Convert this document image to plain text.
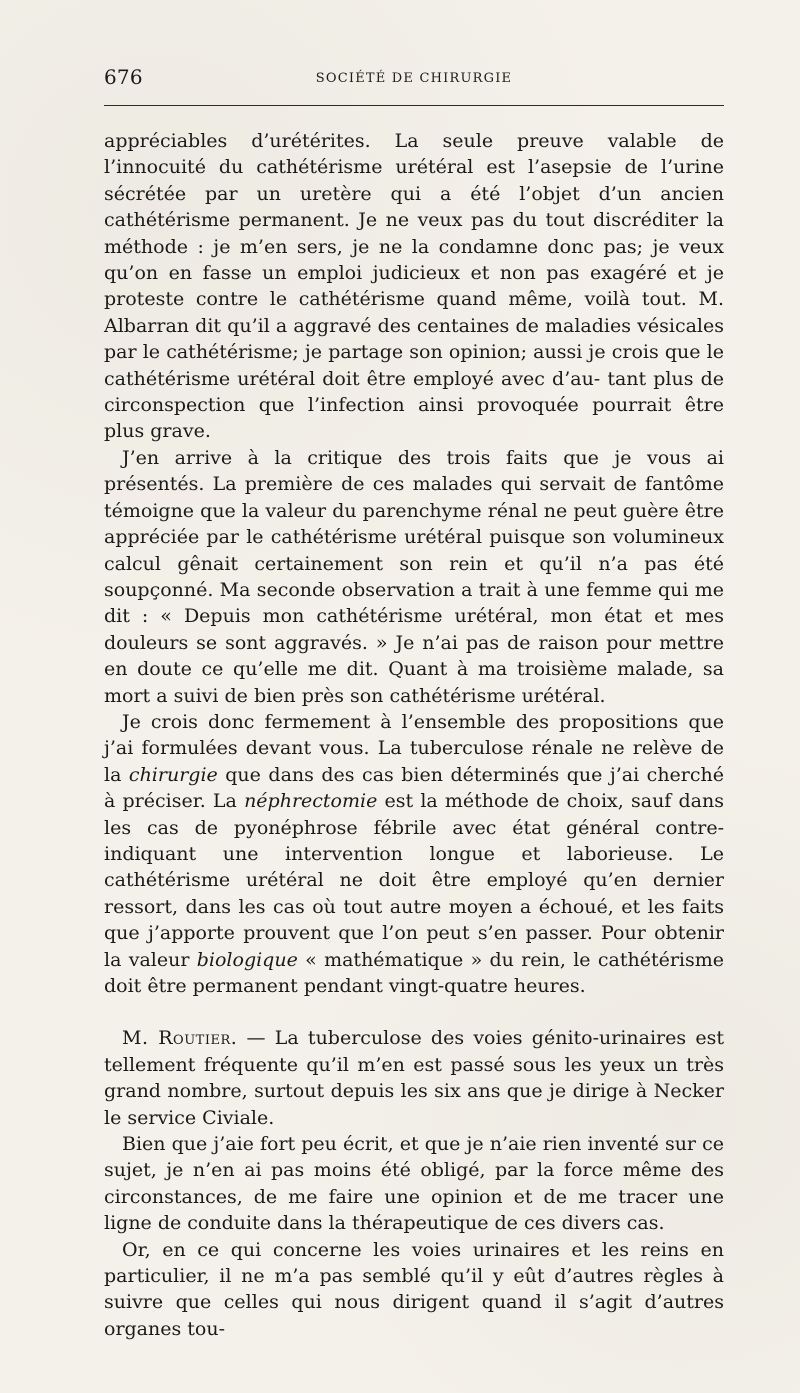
676	SOCIÉTÉ DE CHIRURGIE

appréciables d’urétérites. La seule preuve valable de l’innocuité du cathétérisme urétéral est l’asepsie de l’urine sécrétée par un uretère qui a été l’objet d’un ancien cathétérisme permanent. Je ne veux pas du tout discréditer la méthode : je m’en sers, je ne la condamne donc pas; je veux qu’on en fasse un emploi judicieux et non pas exagéré et je proteste contre le cathétérisme quand même, voilà tout. M. Albarran dit qu’il a aggravé des centaines de maladies vésicales par le cathétérisme; je partage son opinion; aussi je crois que le cathétérisme urétéral doit être employé avec d’au- tant plus de circonspection que l’infection ainsi provoquée pourrait être plus grave.

J’en arrive à la critique des trois faits que je vous ai présentés. La première de ces malades qui servait de fantôme témoigne que la valeur du parenchyme rénal ne peut guère être appréciée par le cathétérisme urétéral puisque son volumineux calcul gênait certainement son rein et qu’il n’a pas été soupçonné. Ma seconde observation a trait à une femme qui me dit : « Depuis mon cathétérisme urétéral, mon état et mes douleurs se sont aggravés. » Je n’ai pas de raison pour mettre en doute ce qu’elle me dit. Quant à ma troisième malade, sa mort a suivi de bien près son cathétérisme urétéral.

Je crois donc fermement à l’ensemble des propositions que j’ai formulées devant vous. La tuberculose rénale ne relève de la chirurgie que dans des cas bien déterminés que j’ai cherché à préciser. La néphrectomie est la méthode de choix, sauf dans les cas de pyonéphrose fébrile avec état général contre-indiquant une intervention longue et laborieuse. Le cathétérisme urétéral ne doit être employé qu’en dernier ressort, dans les cas où tout autre moyen a échoué, et les faits que j’apporte prouvent que l’on peut s’en passer. Pour obtenir la valeur biologique « mathématique » du rein, le cathétérisme doit être permanent pendant vingt-quatre heures.

M. Routier. — La tuberculose des voies génito-urinaires est tellement fréquente qu’il m’en est passé sous les yeux un très grand nombre, surtout depuis les six ans que je dirige à Necker le service Civiale.

Bien que j’aie fort peu écrit, et que je n’aie rien inventé sur ce sujet, je n’en ai pas moins été obligé, par la force même des circonstances, de me faire une opinion et de me tracer une ligne de conduite dans la thérapeutique de ces divers cas.

Or, en ce qui concerne les voies urinaires et les reins en particulier, il ne m’a pas semblé qu’il y eût d’autres règles à suivre que celles qui nous dirigent quand il s’agit d’autres organes tou-
